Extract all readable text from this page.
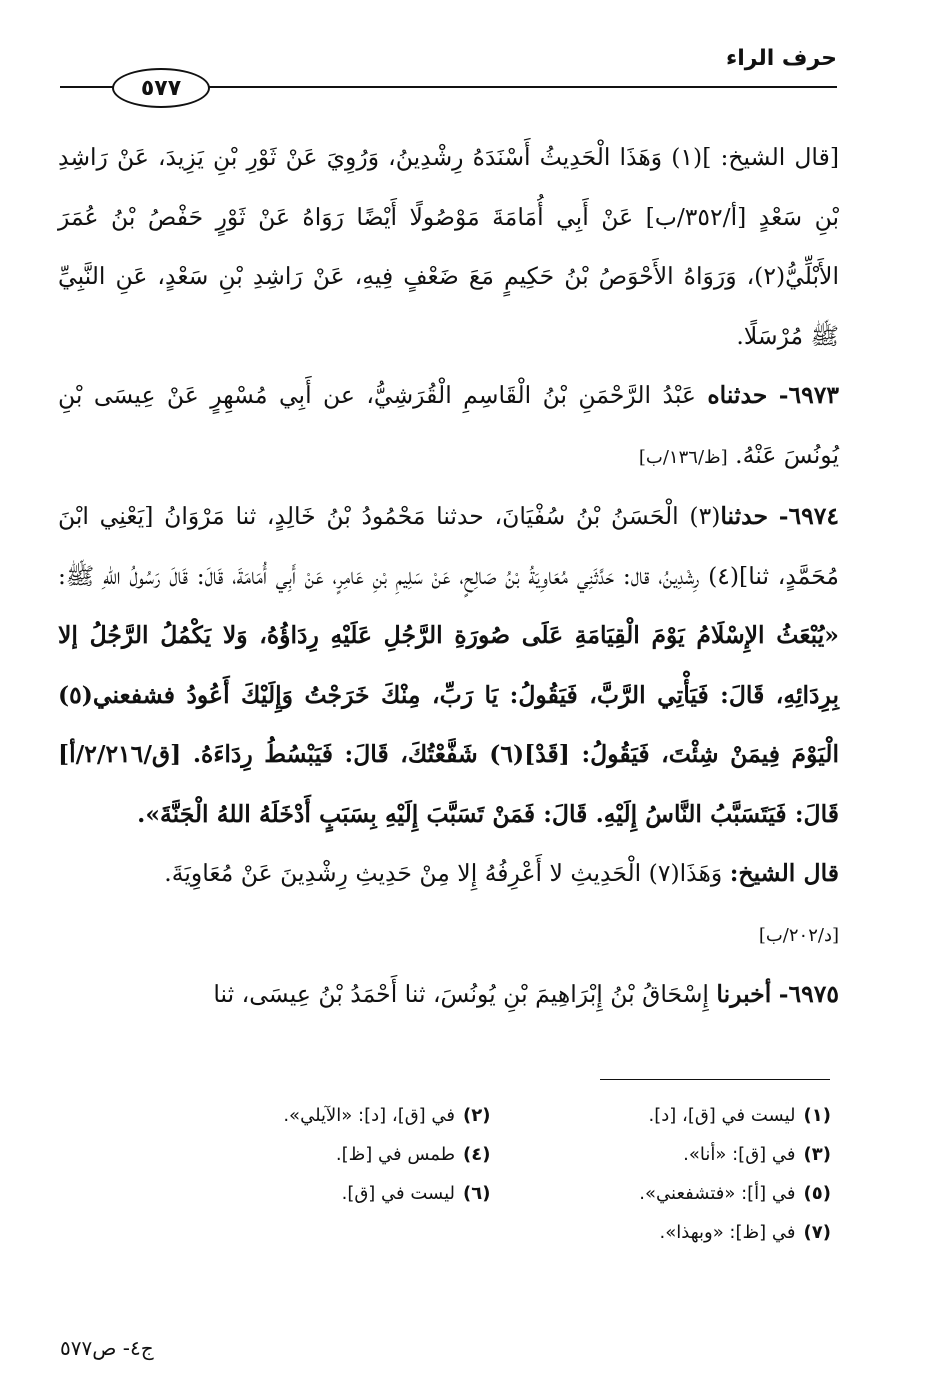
حرف الراء
٥٧٧

[قال الشيخ: ](١) وَهَذَا الْحَدِيثُ أَسْنَدَهُ رِشْدِينُ، وَرُوِيَ عَنْ ثَوْرِ بْنِ يَزِيدَ، عَنْ رَاشِدِ بْنِ سَعْدٍ [أ/٣٥٢/ب] عَنْ أَبِي أُمَامَةَ مَوْصُولًا أَيْضًا رَوَاهُ عَنْ ثَوْرٍ حَفْصُ بْنُ عُمَرَ الأَبْلِّيُّ(٢)، وَرَوَاهُ الأَحْوَصُ بْنُ حَكِيمٍ مَعَ ضَعْفٍ فِيهِ، عَنْ رَاشِدِ بْنِ سَعْدٍ، عَنِ النَّبِيِّ ﷺ مُرْسَلًا.

٦٩٧٣- حدثناه عَبْدُ الرَّحْمَنِ بْنُ الْقَاسِمِ الْقُرَشِيُّ، عن أَبِي مُسْهِرٍ عَنْ عِيسَى بْنِ يُونُسَ عَنْهُ. [ظ/١٣٦/ب]

٦٩٧٤- حدثنا(٣) الْحَسَنُ بْنُ سُفْيَانَ، حدثنا مَحْمُودُ بْنُ خَالِدٍ، ثنا مَرْوَانُ [يَعْنِي ابْنَ مُحَمَّدٍ، ثنا](٤) رِشْدِينُ، قال: حَدَّثَنِي مُعَاوِيَةُ بْنُ صَالِحٍ، عَنْ سَلِيمِ بْنِ عَامِرٍ، عَنْ أَبِي أُمَامَةَ، قَالَ: قَالَ رَسُولُ اللهِ ﷺ: «يُبْعَثُ الإِسْلَامُ يَوْمَ الْقِيَامَةِ عَلَى صُورَةِ الرَّجُلِ عَلَيْهِ رِدَاؤُهُ، وَلا يَكْمُلُ الرَّجُلُ إلا بِرِدَائِهِ، قَالَ: فَيَأْتِي الرَّبَّ، فَيَقُولُ: يَا رَبِّ، مِنْكَ خَرَجْتُ وَإِلَيْكَ أَعُودُ فشفعني(٥) الْيَوْمَ فِيمَنْ شِئْتَ، فَيَقُولُ: [قَدْ](٦) شَفَّعْتُكَ، قَالَ: فَيَبْسُطُ رِدَاءَهُ. [ق/٢/٢١٦/أ] قَالَ: فَيَتَسَبَّبُ النَّاسُ إِلَيْهِ. قَالَ: فَمَنْ تَسَبَّبَ إِلَيْهِ بِسَبَبٍ أَدْخَلَهُ اللهُ الْجَنَّةَ».

قال الشيخ: وَهَذَا(٧) الْحَدِيثِ لا أَعْرِفُهُ إِلا مِنْ حَدِيثِ رِشْدِينَ عَنْ مُعَاوِيَةَ.

[د/٢٠٢/ب]

٦٩٧٥- أخبرنا إِسْحَاقُ بْنُ إِبْرَاهِيمَ بْنِ يُونُسَ، ثنا أَحْمَدُ بْنُ عِيسَى، ثنا

(١)ليست في [ق]، [د].
(٢)في [ق]، [د]: «الآيلي».
(٣)في [ق]: «أنا».
(٤)طمس في [ظ].
(٥)في [أ]: «فتشفعني».
(٦)ليست في [ق].
(٧)في [ظ]: «وبهذا».
ج٤- ص٥٧٧
